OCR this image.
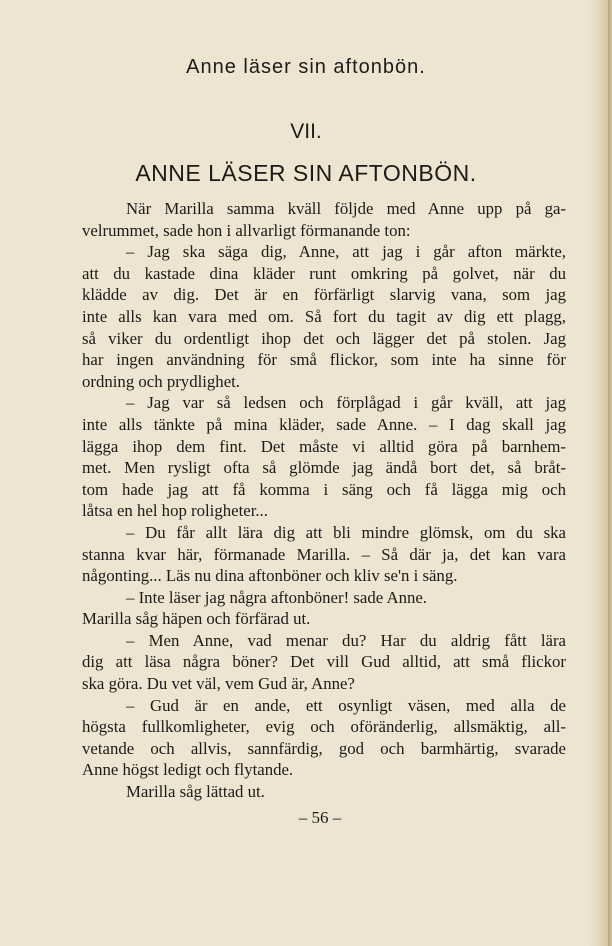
Anne läser sin aftonbön.
VII.
ANNE LÄSER SIN AFTONBÖN.
När Marilla samma kväll följde med Anne upp på ga-
velrummet, sade hon i allvarligt förmanande ton:
– Jag ska säga dig, Anne, att jag i går afton märkte,
att du kastade dina kläder runt omkring på golvet, när du
klädde av dig. Det är en förfärligt slarvig vana, som jag
inte alls kan vara med om. Så fort du tagit av dig ett plagg,
så viker du ordentligt ihop det och lägger det på stolen. Jag
har ingen användning för små flickor, som inte ha sinne för
ordning och prydlighet.
– Jag var så ledsen och förplågad i går kväll, att jag
inte alls tänkte på mina kläder, sade Anne. – I dag skall jag
lägga ihop dem fint. Det måste vi alltid göra på barnhem-
met. Men rysligt ofta så glömde jag ändå bort det, så bråt-
tom hade jag att få komma i säng och få lägga mig och
låtsa en hel hop roligheter...
– Du får allt lära dig att bli mindre glömsk, om du ska
stanna kvar här, förmanade Marilla. – Så där ja, det kan vara
någonting... Läs nu dina aftonböner och kliv se'n i säng.
– Inte läser jag några aftonböner! sade Anne.
Marilla såg häpen och förfärad ut.
– Men Anne, vad menar du? Har du aldrig fått lära
dig att läsa några böner? Det vill Gud alltid, att små flickor
ska göra. Du vet väl, vem Gud är, Anne?
– Gud är en ande, ett osynligt väsen, med alla de
högsta fullkomligheter, evig och oföränderlig, allsmäktig, all-
vetande och allvis, sannfärdig, god och barmhärtig, svarade
Anne högst ledigt och flytande.
Marilla såg lättad ut.
– 56 –
